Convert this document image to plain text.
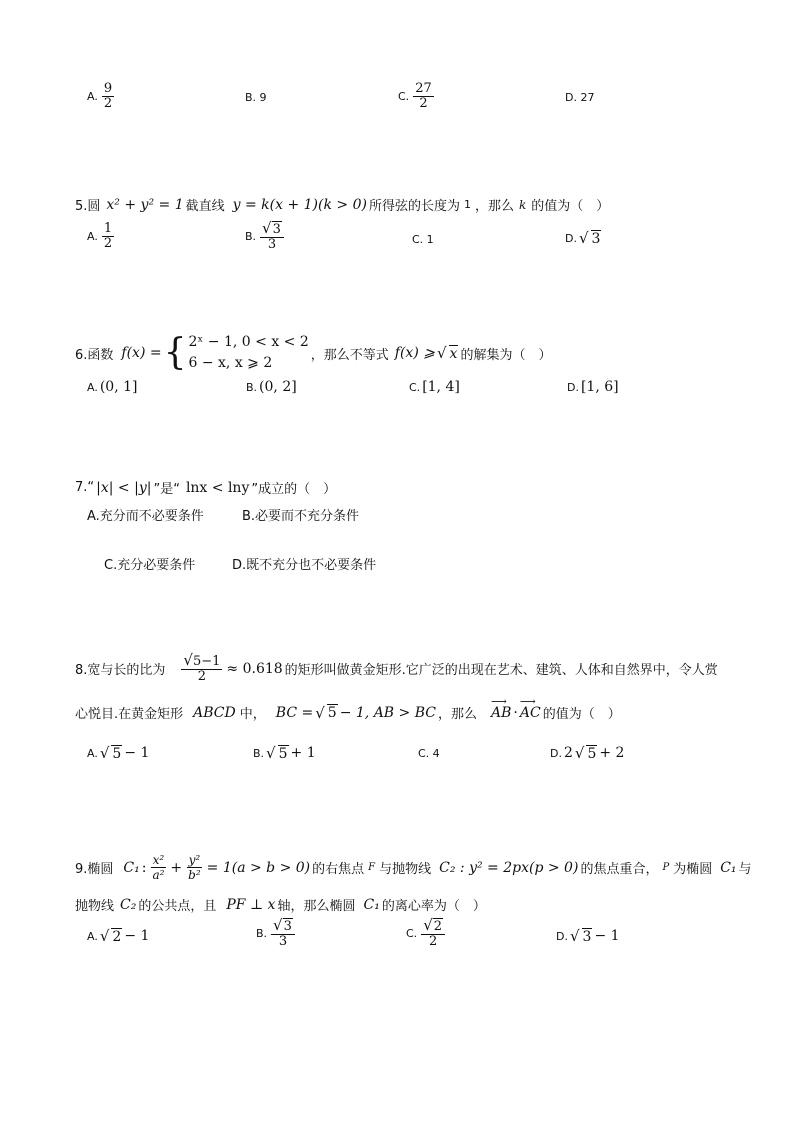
A. $\frac{9}{2}$	B. 9	C. $\frac{27}{2}$	D. 27
5.圆 x² + y² = 1 截直线 y = k(x + 1)(k > 0) 所得弦的长度为 1 ，那么 k 的值为（　）
A. $\frac{1}{2}$	B. $\frac{√3}{3}$	C. 1	D. √ 3
6.函数 f(x) = { 2ˣ − 1, 0 < x < 2
6 − x, x ⩾ 2	，那么不等式 f(x) ⩾ √ x 的解集为（　）
A. (0, 1]	B. (0, 2]	C. [1, 4]	D. [1, 6]
7.“ |x| < |y| ”是“ lnx < lny ”成立的（　）
A.充分而不必要条件	B.必要而不充分条件
C.充分必要条件	D.既不充分也不必要条件
8.宽与长的比为 $\frac{√5-1}{2} \approx 0.618$ 的矩形叫做黄金矩形.它广泛的出现在艺术、建筑、人体和自然界中，令人赏
心悦目.在黄金矩形 ABCD 中， BC = √ 5 − 1, AB > BC ，那么
⟶
AB ·
⟶
AC 的值为（　）
A. √ 5 − 1	B. √ 5 + 1	C. 4	D. 2 √ 5 + 2
9.椭圆 C₁ : $\frac{\text{x²}}{\text{a²}} + \frac{\text{y²}}{\text{b²}} = 1(a > b > 0)$ 的右焦点 F 与抛物线 C₂ : y² = 2px(p > 0) 的焦点重合， P 为椭圆 C₁ 与
抛物线 C₂ 的公共点，且 PF ⊥ x 轴，那么椭圆 C₁ 的离心率为（　）
A. √ 2 − 1	B. $\frac{√3}{3}$	C. $\frac{√2}{2}$	D. √ 3 − 1
